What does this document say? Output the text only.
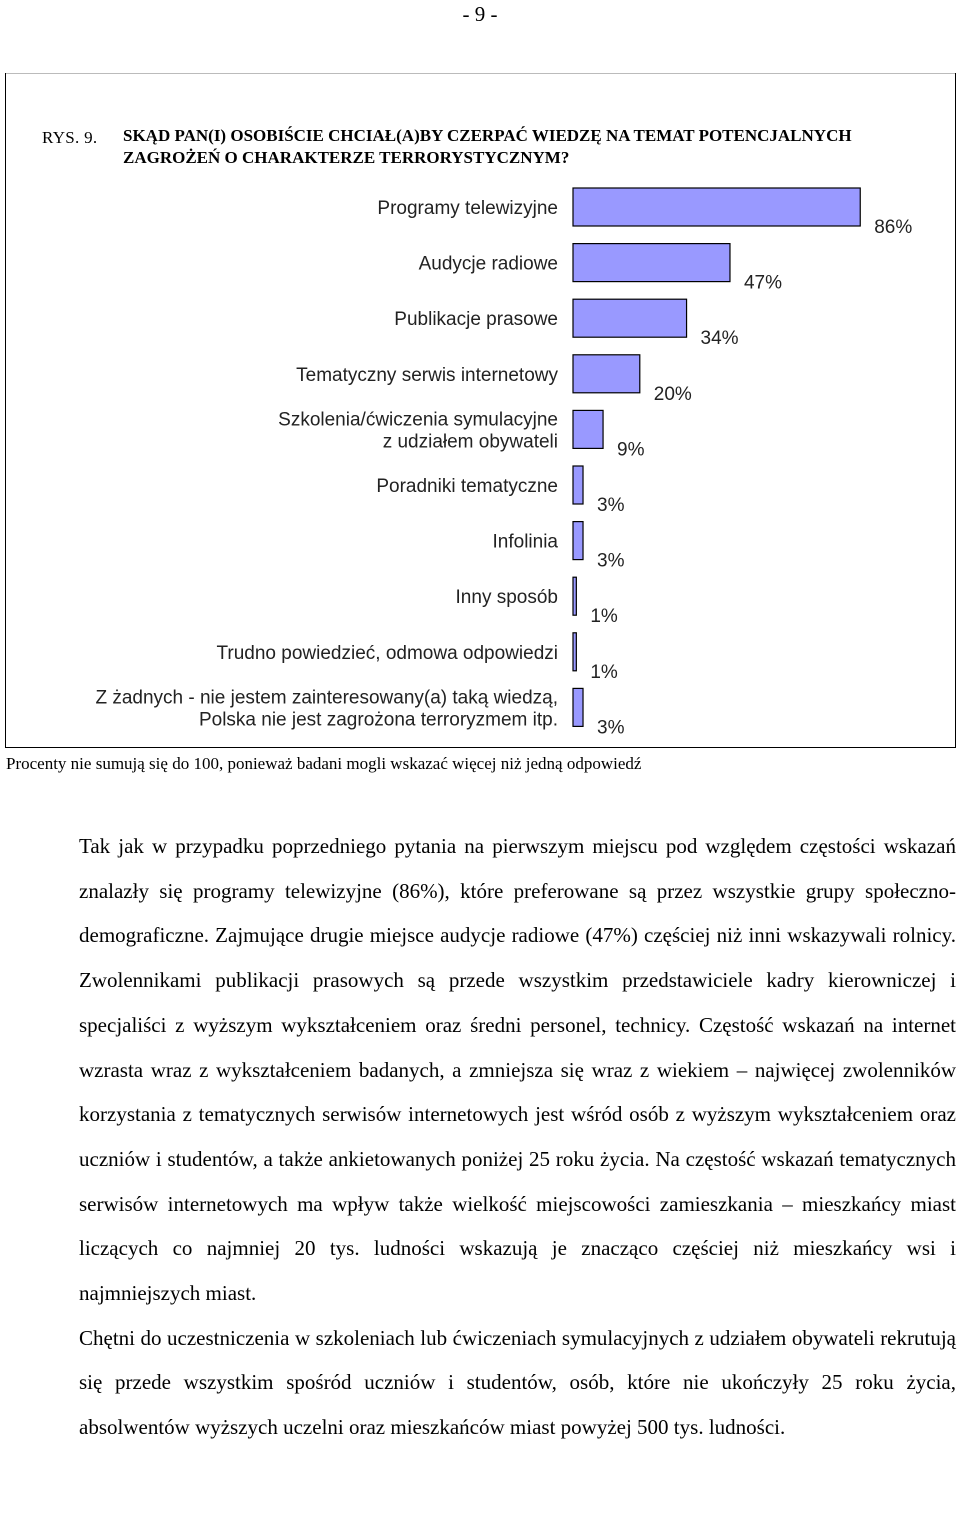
- 9 -
RYS. 9. SKĄD PAN(I) OSOBIŚCIE CHCIAŁ(A)BY CZERPAĆ WIEDZĘ NA TEMAT POTENCJALNYCH ZAGROŻEŃ O CHARAKTERZE TERRORYSTYCZNYM?
Programy telewizyjne
86%
Audycje radiowe
47%
Publikacje prasowe
34%
Tematyczny serwis internetowy
20%
Szkolenia/ćwiczenia symulacyjne z udziałem obywateli	9%
Poradniki tematyczne
3%
Infolinia
3%
Inny sposób
1%
Trudno powiedzieć, odmowa odpowiedzi
1%
Z żadnych - nie jestem zainteresowany(a) taką wiedzą, Polska nie jest zagrożona terroryzmem itp. 3%
Procenty nie sumują się do 100, ponieważ badani mogli wskazać więcej niż jedną odpowiedź

Tak jak w przypadku poprzedniego pytania na pierwszym miejscu pod względem częstości wskazań znalazły się programy telewizyjne (86%), które preferowane są przez wszystkie grupy społeczno-demograficzne. Zajmujące drugie miejsce audycje radiowe (47%) częściej niż inni wskazywali rolnicy. Zwolennikami publikacji prasowych są przede wszystkim przedstawiciele kadry kierowniczej i specjaliści z wyższym wykształceniem oraz średni personel, technicy. Częstość wskazań na internet wzrasta wraz z wykształceniem badanych, a zmniejsza się wraz z wiekiem – najwięcej zwolenników korzystania z tematycznych serwisów internetowych jest wśród osób z wyższym wykształceniem oraz uczniów i studentów, a także ankietowanych poniżej 25 roku życia. Na częstość wskazań tematycznych serwisów internetowych ma wpływ także wielkość miejscowości zamieszkania – mieszkańcy miast liczących co najmniej 20 tys. ludności wskazują je znacząco częściej niż mieszkańcy wsi i najmniejszych miast.

Chętni do uczestniczenia w szkoleniach lub ćwiczeniach symulacyjnych z udziałem obywateli rekrutują się przede wszystkim spośród uczniów i studentów, osób, które nie ukończyły 25 roku życia, absolwentów wyższych uczelni oraz mieszkańców miast powyżej 500 tys. ludności.
